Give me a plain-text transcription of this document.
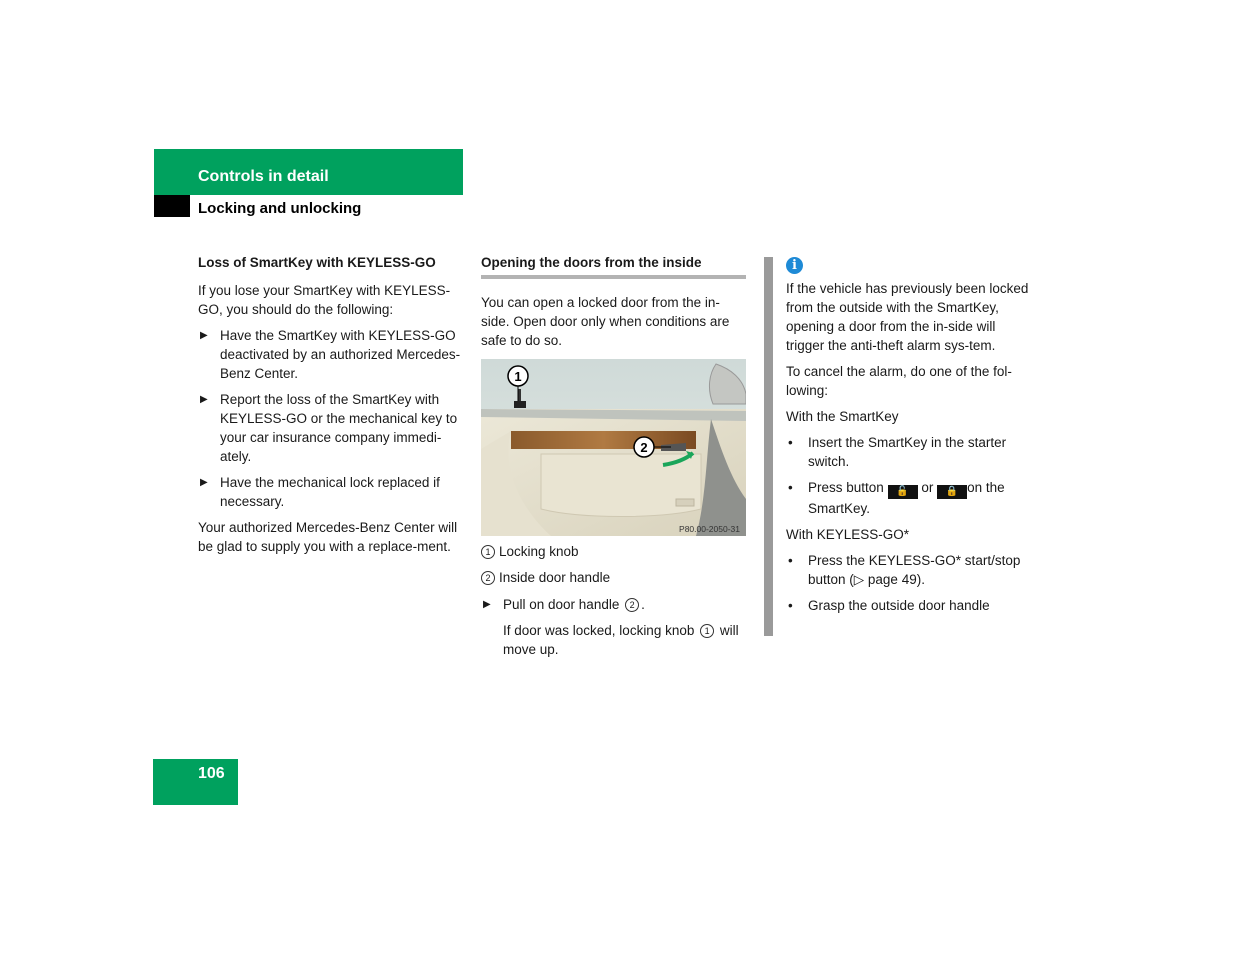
Controls in detail
Locking and unlocking
Loss of SmartKey with KEYLESS-GO

If you lose your SmartKey with KEYLESS-GO, you should do the following:

▶ Have the SmartKey with KEYLESS-GO deactivated by an authorized Mercedes-Benz Center.
▶ Report the loss of the SmartKey with KEYLESS-GO or the mechanical key to your car insurance company immedi-ately.
▶ Have the mechanical lock replaced if necessary.

Your authorized Mercedes-Benz Center will be glad to supply you with a replace-ment.

Opening the doors from the inside

You can open a locked door from the in-side. Open door only when conditions are safe to do so.

1
2
P80.00-2050-31

1 Locking knob

2 Inside door handle

▶ Pull on door handle 2 .
If door was locked, locking knob 1 will move up.

i

If the vehicle has previously been locked from the outside with the SmartKey, opening a door from the in-side will trigger the anti-theft alarm sys-tem.

To cancel the alarm, do one of the fol-lowing:

With the SmartKey

• Insert the SmartKey in the starter switch.
• Press button 🔓 or 🔒 on the SmartKey.

With KEYLESS-GO*

• Press the KEYLESS-GO* start/stop button (▷ page 49).
• Grasp the outside door handle
106
